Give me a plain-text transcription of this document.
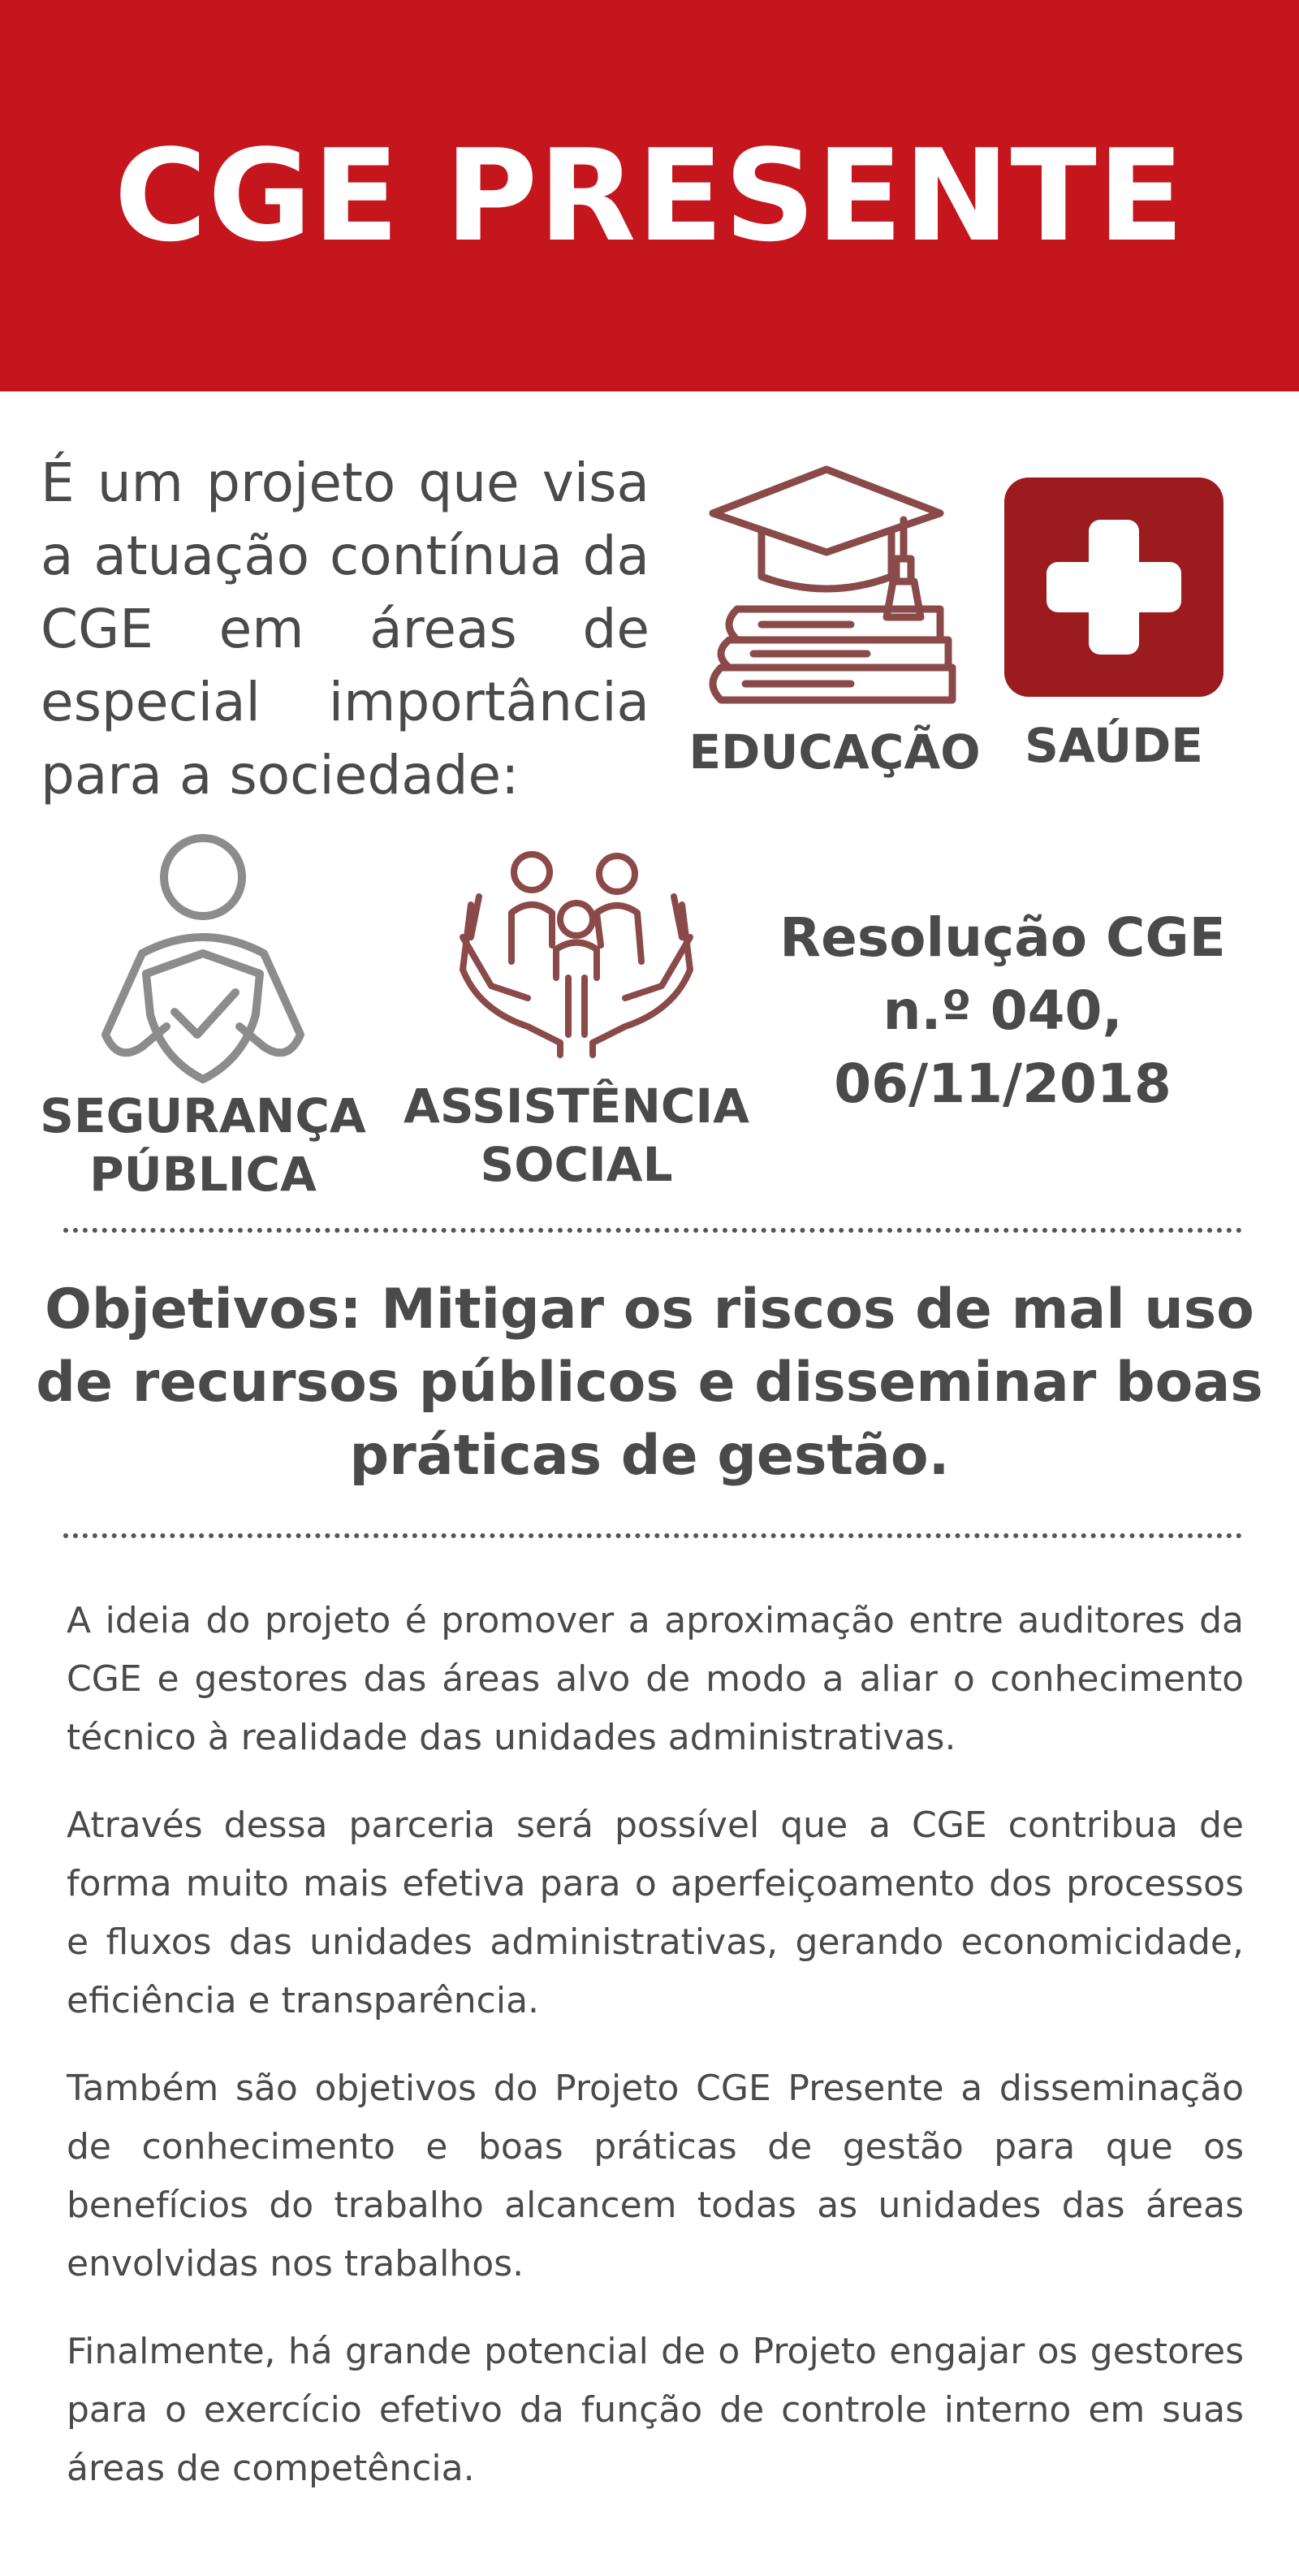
CGE PRESENTE
É um projeto que visa a atuação contínua da CGE em áreas de especial importância para a sociedade:	EDUCAÇÃO SAÚDE
SEGURANÇA
PÚBLICA
ASSISTÊNCIA
SOCIAL
Resolução CGE
n.º 040,
06/11/2018
Objetivos: Mitigar os riscos de mal uso de recursos públicos e disseminar boas práticas de gestão.

A ideia do projeto é promover a aproximação entre auditores da CGE e gestores das áreas alvo de modo a aliar o conhecimento técnico à realidade das unidades administrativas.

Através dessa parceria será possível que a CGE contribua de forma muito mais efetiva para o aperfeiçoamento dos processos e fluxos das unidades administrativas, gerando economicidade, eficiência e transparência.

Também são objetivos do Projeto CGE Presente a disseminação de conhecimento e boas práticas de gestão para que os benefícios do trabalho alcancem todas as unidades das áreas envolvidas nos trabalhos.

Finalmente, há grande potencial de o Projeto engajar os gestores para o exercício efetivo da função de controle interno em suas áreas de competência.
